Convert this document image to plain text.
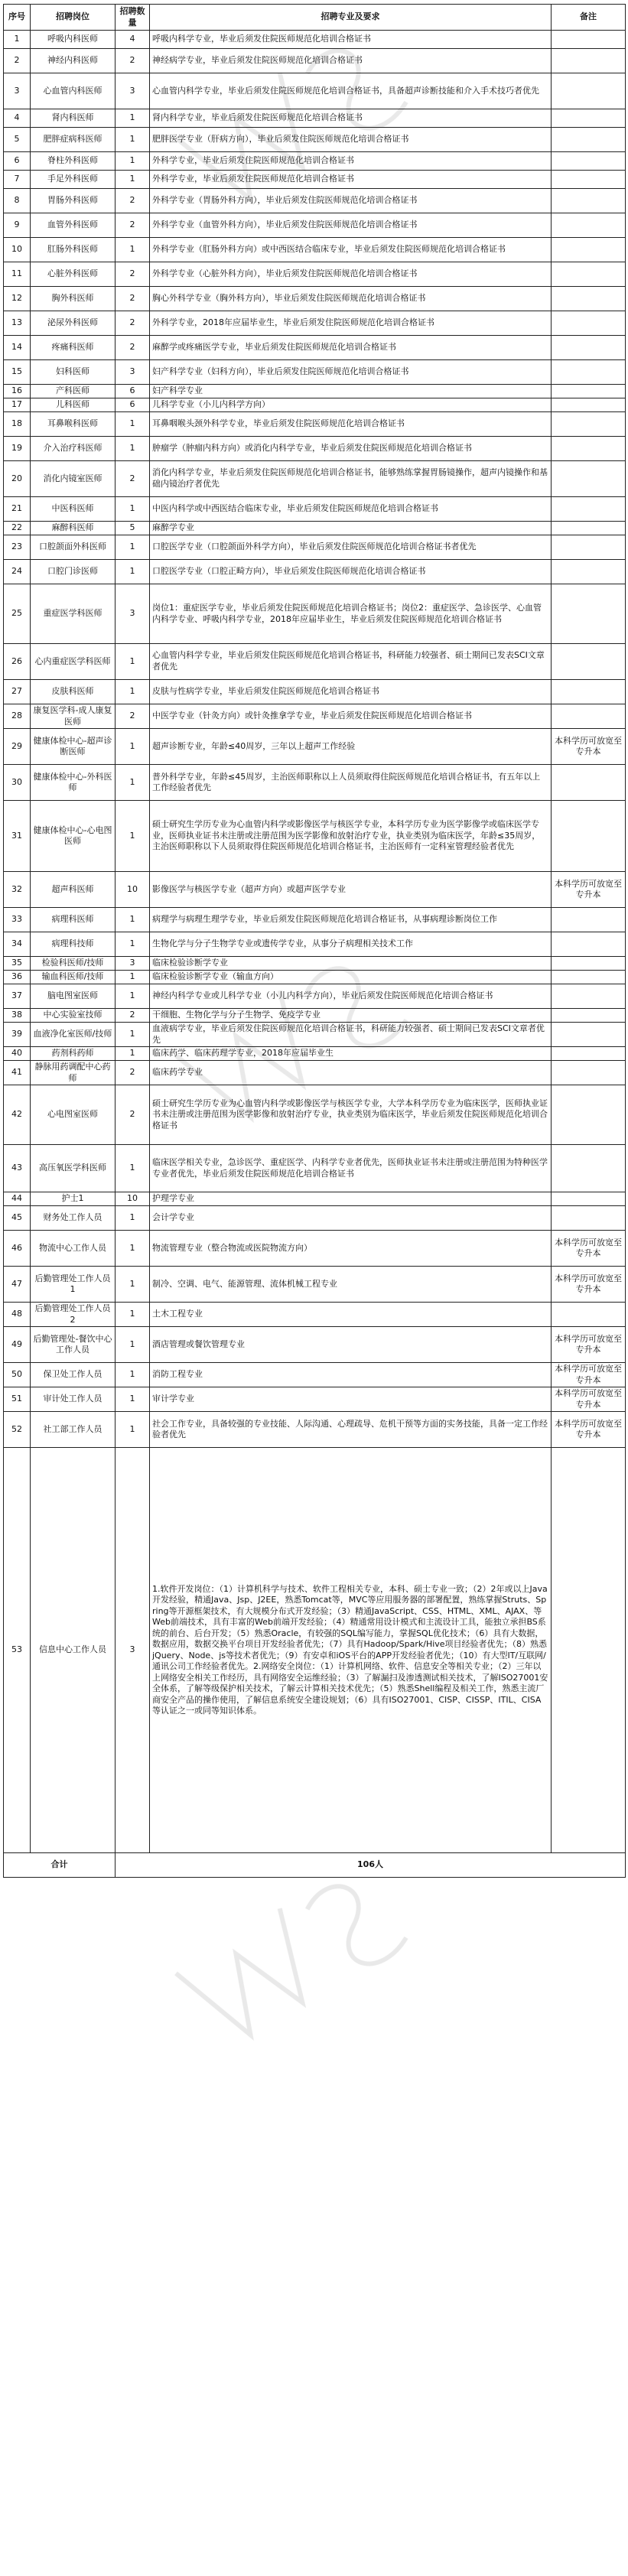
序号	招聘岗位	招聘数量	招聘专业及要求	备注
1	呼吸内科医师	4	呼吸内科学专业，毕业后须发住院医师规范化培训合格证书	
2	神经内科医师	2	神经病学专业，毕业后须发住院医师规范化培训合格证书	
3	心血管内科医师	3	心血管内科学专业，毕业后须发住院医师规范化培训合格证书，具备超声诊断技能和介入手术技巧者优先	
4	肾内科医师	1	肾内科学专业，毕业后须发住院医师规范化培训合格证书	
5	肥胖症病科医师	1	肥胖医学专业（肝病方向），毕业后须发住院医师规范化培训合格证书	
6	脊柱外科医师	1	外科学专业，毕业后须发住院医师规范化培训合格证书	
7	手足外科医师	1	外科学专业，毕业后须发住院医师规范化培训合格证书	
8	胃肠外科医师	2	外科学专业（胃肠外科方向），毕业后须发住院医师规范化培训合格证书	
9	血管外科医师	2	外科学专业（血管外科方向），毕业后须发住院医师规范化培训合格证书	
10	肛肠外科医师	1	外科学专业（肛肠外科方向）或中西医结合临床专业，毕业后须发住院医师规范化培训合格证书	
11	心脏外科医师	2	外科学专业（心脏外科方向），毕业后须发住院医师规范化培训合格证书	
12	胸外科医师	2	胸心外科学专业（胸外科方向），毕业后须发住院医师规范化培训合格证书	
13	泌尿外科医师	2	外科学专业，2018年应届毕业生，毕业后须发住院医师规范化培训合格证书	
14	疼痛科医师	2	麻醉学或疼痛医学专业，毕业后须发住院医师规范化培训合格证书	
15	妇科医师	3	妇产科学专业（妇科方向），毕业后须发住院医师规范化培训合格证书	
16	产科医师	6	妇产科学专业	
17	儿科医师	6	儿科学专业（小儿内科学方向）	
18	耳鼻喉科医师	1	耳鼻咽喉头颈外科学专业，毕业后须发住院医师规范化培训合格证书	
19	介入治疗科医师	1	肿瘤学（肿瘤内科方向）或消化内科学专业，毕业后须发住院医师规范化培训合格证书	
20	消化内镜室医师	2	消化内科学专业，毕业后须发住院医师规范化培训合格证书，能够熟练掌握胃肠镜操作，超声内镜操作和基础内镜治疗者优先	
21	中医科医师	1	中医内科学或中西医结合临床专业，毕业后须发住院医师规范化培训合格证书	
22	麻醉科医师	5	麻醉学专业	
23	口腔颌面外科医师	1	口腔医学专业（口腔颌面外科学方向），毕业后须发住院医师规范化培训合格证书者优先	
24	口腔门诊医师	1	口腔医学专业（口腔正畸方向），毕业后须发住院医师规范化培训合格证书	
25	重症医学科医师	3	岗位1：重症医学专业，毕业后须发住院医师规范化培训合格证书；岗位2：重症医学、急诊医学、心血管内科学专业、呼吸内科学专业，2018年应届毕业生，毕业后须发住院医师规范化培训合格证书	
26	心内重症医学科医师	1	心血管内科学专业，毕业后须发住院医师规范化培训合格证书，科研能力较强者、硕士期间已发表SCI文章者优先	
27	皮肤科医师	1	皮肤与性病学专业，毕业后须发住院医师规范化培训合格证书	
28	康复医学科-成人康复医师	2	中医学专业（针灸方向）或针灸推拿学专业，毕业后须发住院医师规范化培训合格证书	
29	健康体检中心-超声诊断医师	1	超声诊断专业，年龄≤40周岁，三年以上超声工作经验	本科学历可放宽至专升本
30	健康体检中心-外科医师	1	普外科学专业，年龄≤45周岁，主治医师职称以上人员须取得住院医师规范化培训合格证书，有五年以上工作经验者优先	
31	健康体检中心-心电图医师	1	硕士研究生学历专业为心血管内科学或影像医学与核医学专业，本科学历专业为医学影像学或临床医学专业，医师执业证书未注册或注册范围为医学影像和放射治疗专业，执业类别为临床医学，年龄≤35周岁，主治医师职称以下人员须取得住院医师规范化培训合格证书，主治医师有一定科室管理经验者优先	
32	超声科医师	10	影像医学与核医学专业（超声方向）或超声医学专业	本科学历可放宽至专升本
33	病理科医师	1	病理学与病理生理学专业，毕业后须发住院医师规范化培训合格证书，从事病理诊断岗位工作	
34	病理科技师	1	生物化学与分子生物学专业或遗传学专业，从事分子病理相关技术工作	
35	检验科医师/技师	3	临床检验诊断学专业	
36	输血科医师/技师	1	临床检验诊断学专业（输血方向）	
37	脑电图室医师	1	神经内科学专业或儿科学专业（小儿内科学方向），毕业后须发住院医师规范化培训合格证书	
38	中心实验室技师	2	干细胞、生物化学与分子生物学、免疫学专业	
39	血液净化室医师/技师	1	血液病学专业，毕业后须发住院医师规范化培训合格证书，科研能力较强者、硕士期间已发表SCI文章者优先	
40	药剂科药师	1	临床药学、临床药理学专业，2018年应届毕业生	
41	静脉用药调配中心药师	2	临床药学专业	
42	心电图室医师	2	硕士研究生学历专业为心血管内科学或影像医学与核医学专业，大学本科学历专业为临床医学，医师执业证书未注册或注册范围为医学影像和放射治疗专业，执业类别为临床医学，毕业后须发住院医师规范化培训合格证书	
43	高压氧医学科医师	1	临床医学相关专业，急诊医学、重症医学、内科学专业者优先，医师执业证书未注册或注册范围为特种医学专业者优先，毕业后须发住院医师规范化培训合格证书	
44	护士1	10	护理学专业	
45	财务处工作人员	1	会计学专业	
46	物流中心工作人员	1	物流管理专业（整合物流或医院物流方向）	本科学历可放宽至专升本
47	后勤管理处工作人员1	1	制冷、空调、电气、能源管理、流体机械工程专业	本科学历可放宽至专升本
48	后勤管理处工作人员2	1	土木工程专业	
49	后勤管理处-餐饮中心工作人员	1	酒店管理或餐饮管理专业	本科学历可放宽至专升本
50	保卫处工作人员	1	消防工程专业	本科学历可放宽至专升本
51	审计处工作人员	1	审计学专业	本科学历可放宽至专升本
52	社工部工作人员	1	社会工作专业，具备较强的专业技能、人际沟通、心理疏导、危机干预等方面的实务技能，具备一定工作经验者优先	本科学历可放宽至专升本
53	信息中心工作人员	3	1.软件开发岗位：（1）计算机科学与技术、软件工程相关专业，本科、硕士专业一致；（2）2年或以上Java开发经验，精通Java、Jsp、J2EE，熟悉Tomcat等，MVC等应用服务器的部署配置，熟练掌握Struts、Spring等开源框架技术，有大规模分布式开发经验；（3）精通JavaScript、CSS、HTML、XML、AJAX、等Web前端技术，具有丰富的Web前端开发经验；（4）精通常用设计模式和主流设计工具，能独立承担BS系统的前台、后台开发；（5）熟悉Oracle，有较强的SQL编写能力，掌握SQL优化技术；（6）具有大数据，数据应用，数据交换平台项目开发经验者优先；（7）具有Hadoop/Spark/Hive项目经验者优先；（8）熟悉jQuery、Node、js等技术者优先；（9）有安卓和iOS平台的APP开发经验者优先；（10）有大型IT/互联网/通讯公司工作经验者优先。2.网络安全岗位：（1）计算机网络、软件、信息安全等相关专业；（2）三年以上网络安全相关工作经历，具有网络安全运维经验；（3）了解漏扫及渗透测试相关技术，了解ISO27001安全体系，了解等级保护相关技术，了解云计算相关技术优先；（5）熟悉Shell编程及相关工作，熟悉主流厂商安全产品的操作使用，了解信息系统安全建设规划；（6）具有ISO27001、CISP、CISSP、ITIL、CISA等认证之一或同等知识体系。	
合计		106人		
